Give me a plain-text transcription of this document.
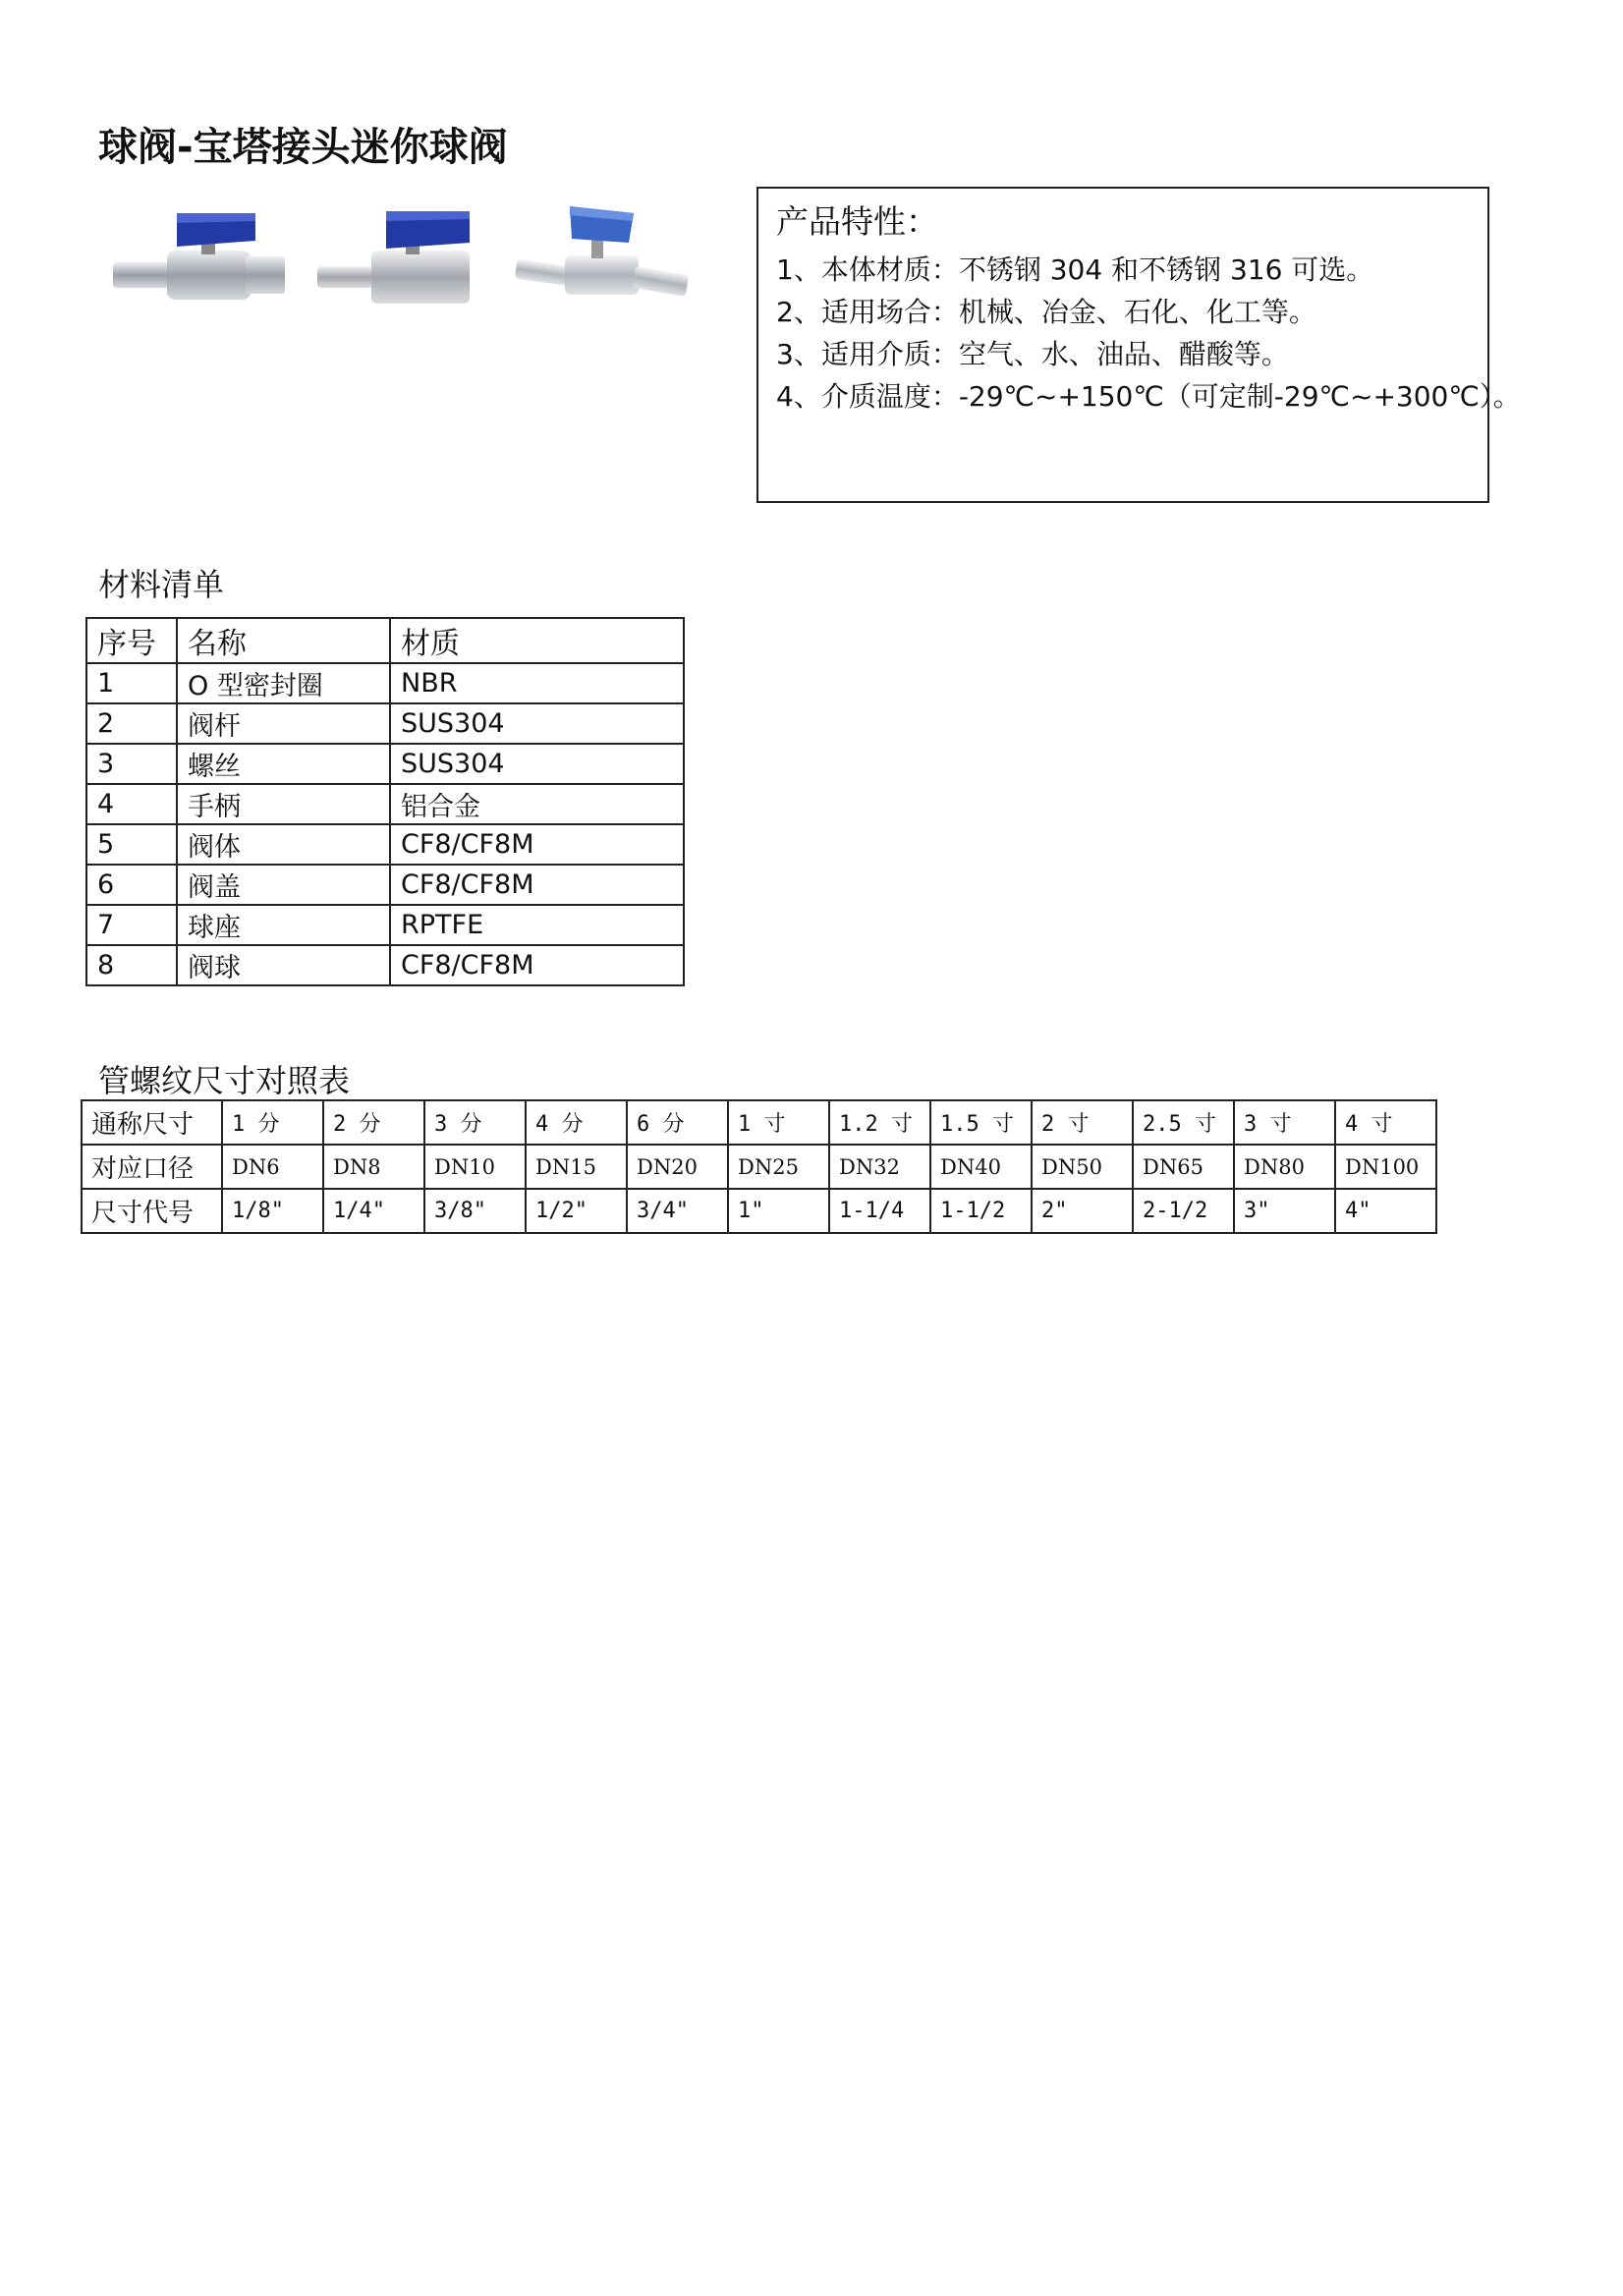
球阀-宝塔接头迷你球阀
产品特性：
1、本体材质：不锈钢 304 和不锈钢 316 可选。
2、适用场合：机械、冶金、石化、化工等。
3、适用介质：空气、水、油品、醋酸等。
4、介质温度：-29℃~+150℃（可定制-29℃~+300℃）。
材料清单
序号	名称	材质
1	O 型密封圈	NBR
2	阀杆	SUS304
3	螺丝	SUS304
4	手柄	铝合金
5	阀体	CF8/CF8M
6	阀盖	CF8/CF8M
7	球座	RPTFE
8	阀球	CF8/CF8M
管螺纹尺寸对照表
通称尺寸	1 分	2 分	3 分	4 分	6 分	1 寸	1.2 寸	1.5 寸	2 寸	2.5 寸	3 寸	4 寸
对应口径	DN6	DN8	DN10	DN15	DN20	DN25	DN32	DN40	DN50	DN65	DN80	DN100
尺寸代号	1/8"	1/4"	3/8"	1/2"	3/4"	1"	1-1/4	1-1/2	2"	2-1/2	3"	4"
